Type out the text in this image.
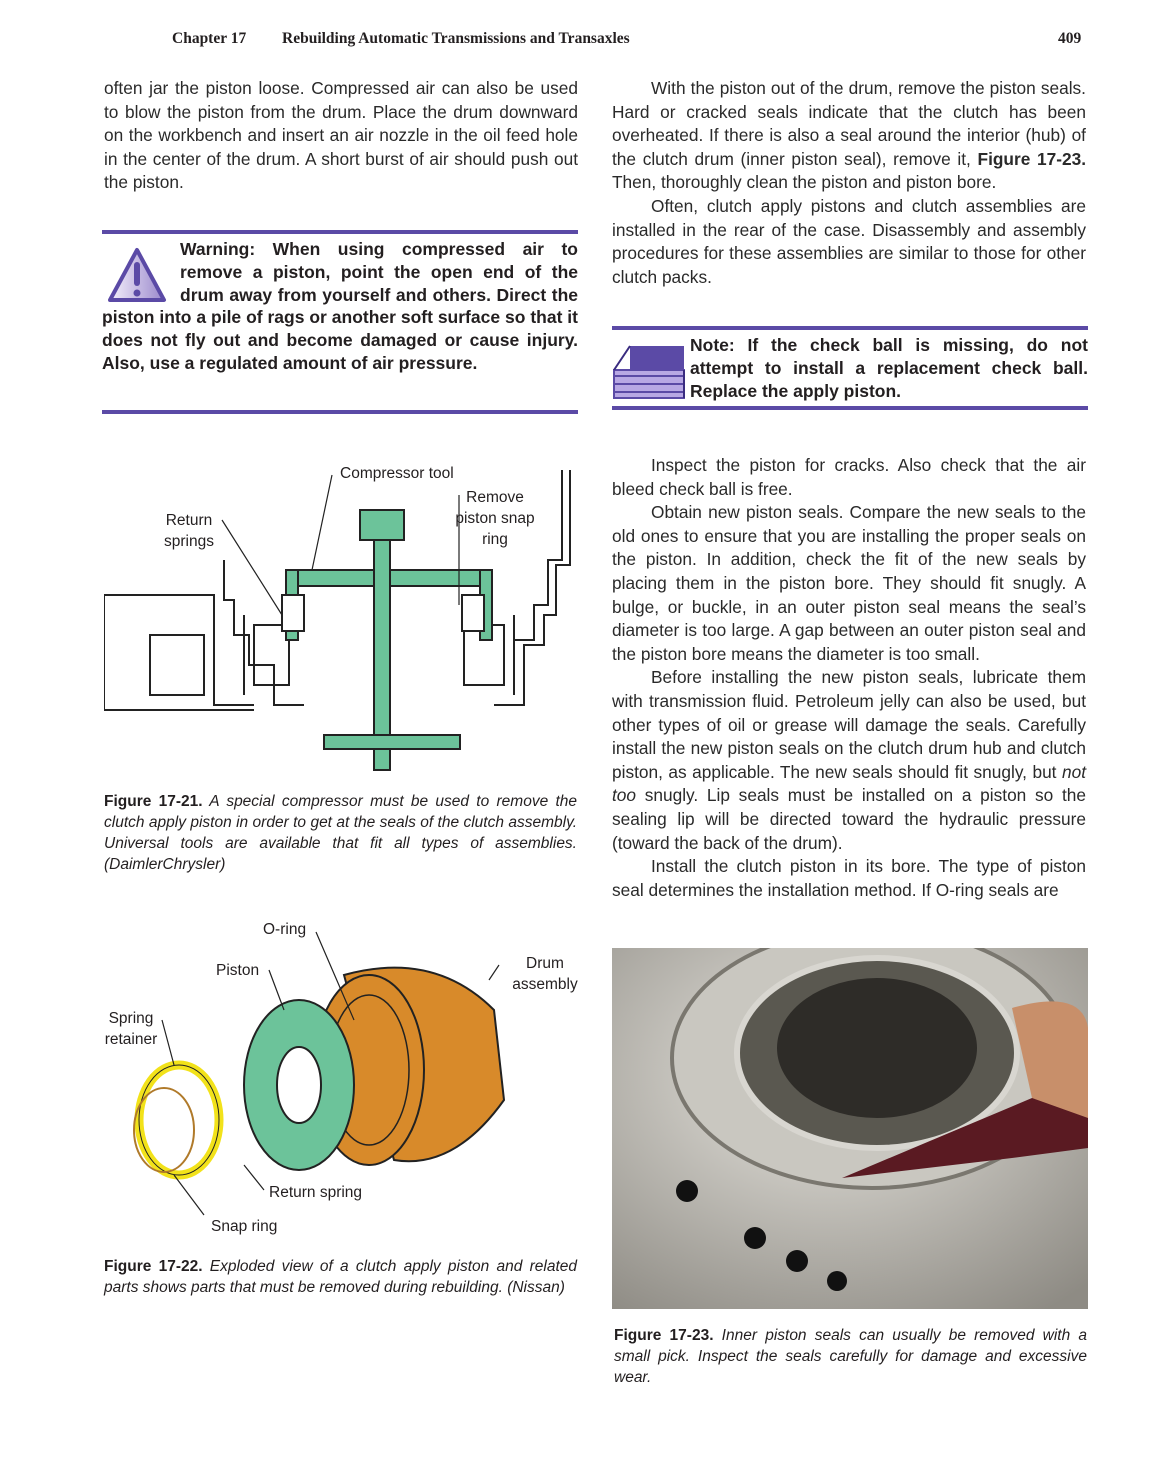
Chapter 17 Rebuilding Automatic Transmissions and Transaxles	409

often jar the piston loose. Compressed air can also be used to blow the piston from the drum. Place the drum downward on the workbench and insert an air nozzle in the oil feed hole in the center of the drum. A short burst of air should push out the piston.

Warning: When using compressed air to remove a piston, point the open end of the drum away from yourself and others. Direct the piston into a pile of rags or another soft surface so that it does not fly out and become damaged or cause injury. Also, use a regulated amount of air pressure.

With the piston out of the drum, remove the piston seals. Hard or cracked seals indicate that the clutch has been overheated. If there is also a seal around the interior (hub) of the clutch drum (inner piston seal), remove it, Figure 17-23. Then, thoroughly clean the piston and piston bore.

Often, clutch apply pistons and clutch assemblies are installed in the rear of the case. Disassembly and assembly procedures for these assemblies are similar to those for other clutch packs.

Note: If the check ball is missing, do not attempt to install a replacement check ball. Replace the apply piston.

Inspect the piston for cracks. Also check that the air bleed check ball is free.

Obtain new piston seals. Compare the new seals to the old ones to ensure that you are installing the proper seals on the piston. In addition, check the fit of the new seals by placing them in the piston bore. They should fit snugly. A bulge, or buckle, in an outer piston seal means the seal’s diameter is too large. A gap between an outer piston seal and the piston bore means the diameter is too small.

Before installing the new piston seals, lubricate them with transmission fluid. Petroleum jelly can also be used, but other types of oil or grease will damage the seals. Carefully install the new piston seals on the clutch drum hub and clutch piston, as applicable. The new seals should fit snugly, but not too snugly. Lip seals must be installed on a piston so the sealing lip will be directed toward the hydraulic pressure (toward the back of the drum).

Install the clutch piston in its bore. The type of piston seal determines the installation method. If O-ring seals are

Compressor tool
Remove piston snap ring
Return springs
Figure 17-21. A special compressor must be used to remove the clutch apply piston in order to get at the seals of the clutch assembly. Universal tools are available that fit all types of assemblies. (DaimlerChrysler)
O-ring
Piston	Drum assembly
Spring retainer
Return spring
Snap ring
Figure 17-22. Exploded view of a clutch apply piston and related parts shows parts that must be removed during rebuilding. (Nissan)
Figure 17-23. Inner piston seals can usually be removed with a small pick. Inspect the seals carefully for damage and excessive wear.
